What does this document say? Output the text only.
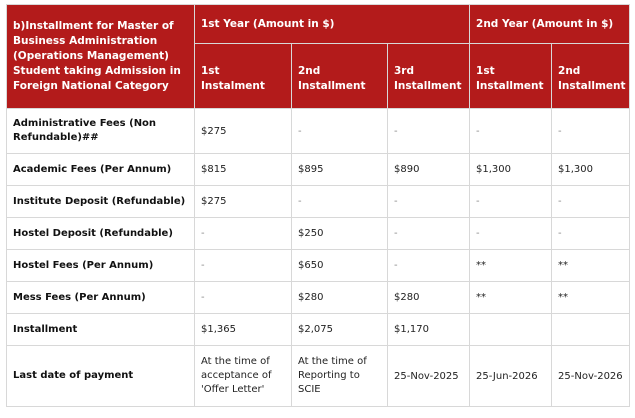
b)Installment for Master of Business Administration (Operations Management) Student taking Admission in Foreign National Category	1st Year (Amount in $)			2nd Year (Amount in $)	
	1st Instalment	2nd Installment	3rd Installment	1st Installment	2nd Installment
Administrative Fees (Non Refundable)##	$275	-	-	-	-
Academic Fees (Per Annum)	$815	$895	$890	$1,300	$1,300
Institute Deposit (Refundable)	$275	-	-	-	-
Hostel Deposit (Refundable)	-	$250	-	-	-
Hostel Fees (Per Annum)	-	$650	-	**	**
Mess Fees (Per Annum)	-	$280	$280	**	**
Installment	$1,365	$2,075	$1,170		
Last date of payment	At the time of acceptance of 'Offer Letter'	At the time of Reporting to SCIE	25-Nov-2025	25-Jun-2026	25-Nov-2026
